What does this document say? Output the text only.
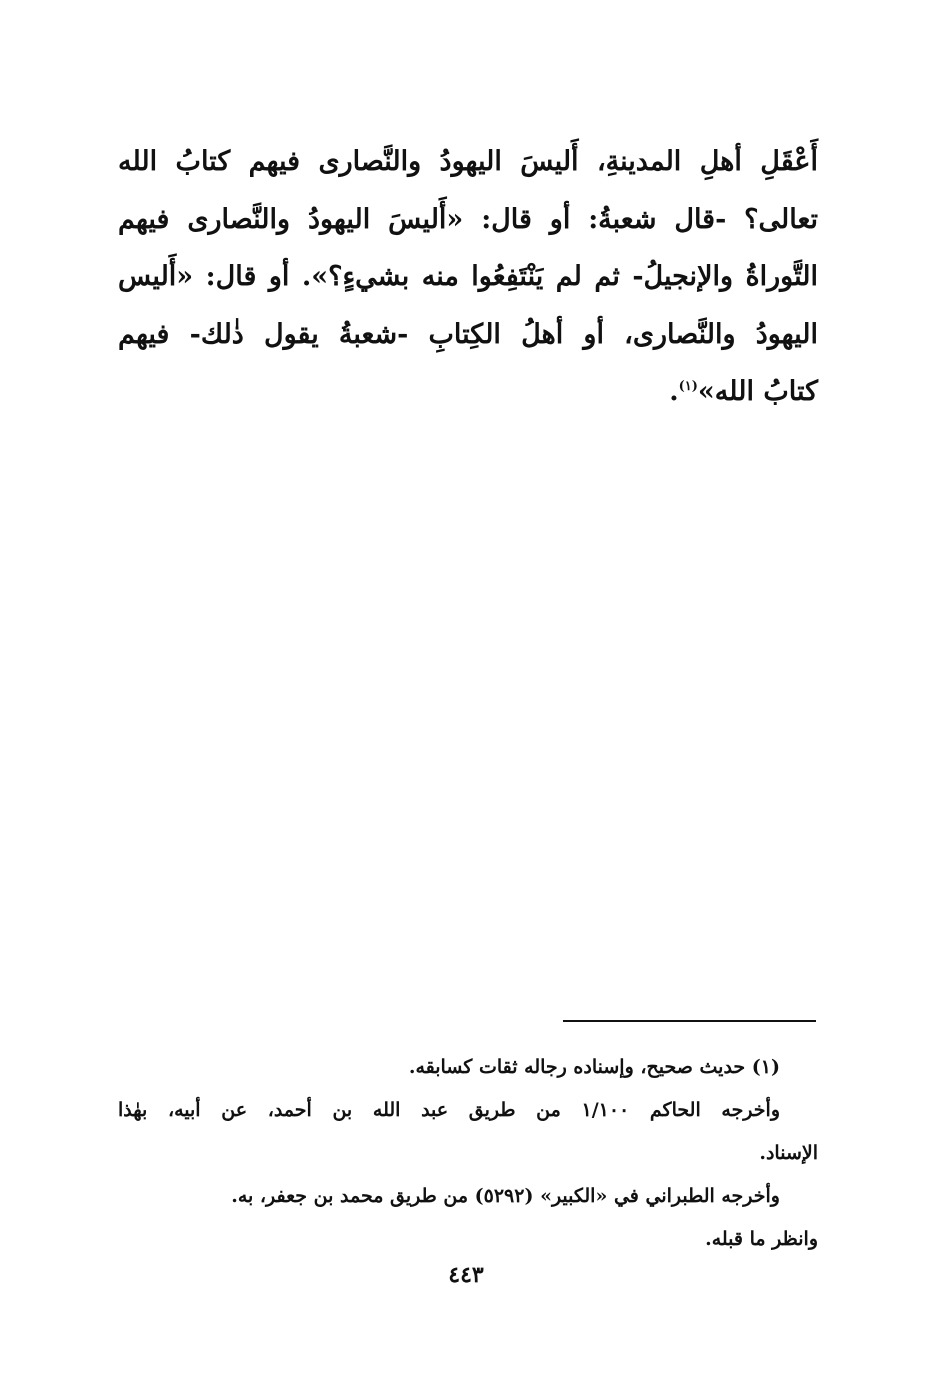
أَعْقَلِ أهلِ المدينةِ، أَليسَ اليهودُ والنَّصارى فيهم كتابُ الله
تعالى؟ -قال شعبةُ: أو قال: «أَليسَ اليهودُ والنَّصارى فيهم
التَّوراةُ والإنجيلُ- ثم لم يَنْتَفِعُوا منه بشيءٍ؟». أو قال: «أَليس
اليهودُ والنَّصارى، أو أهلُ الكِتابِ -شعبةُ يقول ذٰلك- فيهم
كتابُ الله»$^{(١)}$.
(١) حديث صحيح، وإسناده رجاله ثقات كسابقه.
وأخرجه الحاكم ١/١٠٠ من طريق عبد الله بن أحمد، عن أبيه، بهٰذا
الإسناد.
وأخرجه الطبراني في «الكبير» (٥٢٩٢) من طريق محمد بن جعفر، به.
وانظر ما قبله.
٤٤٣
